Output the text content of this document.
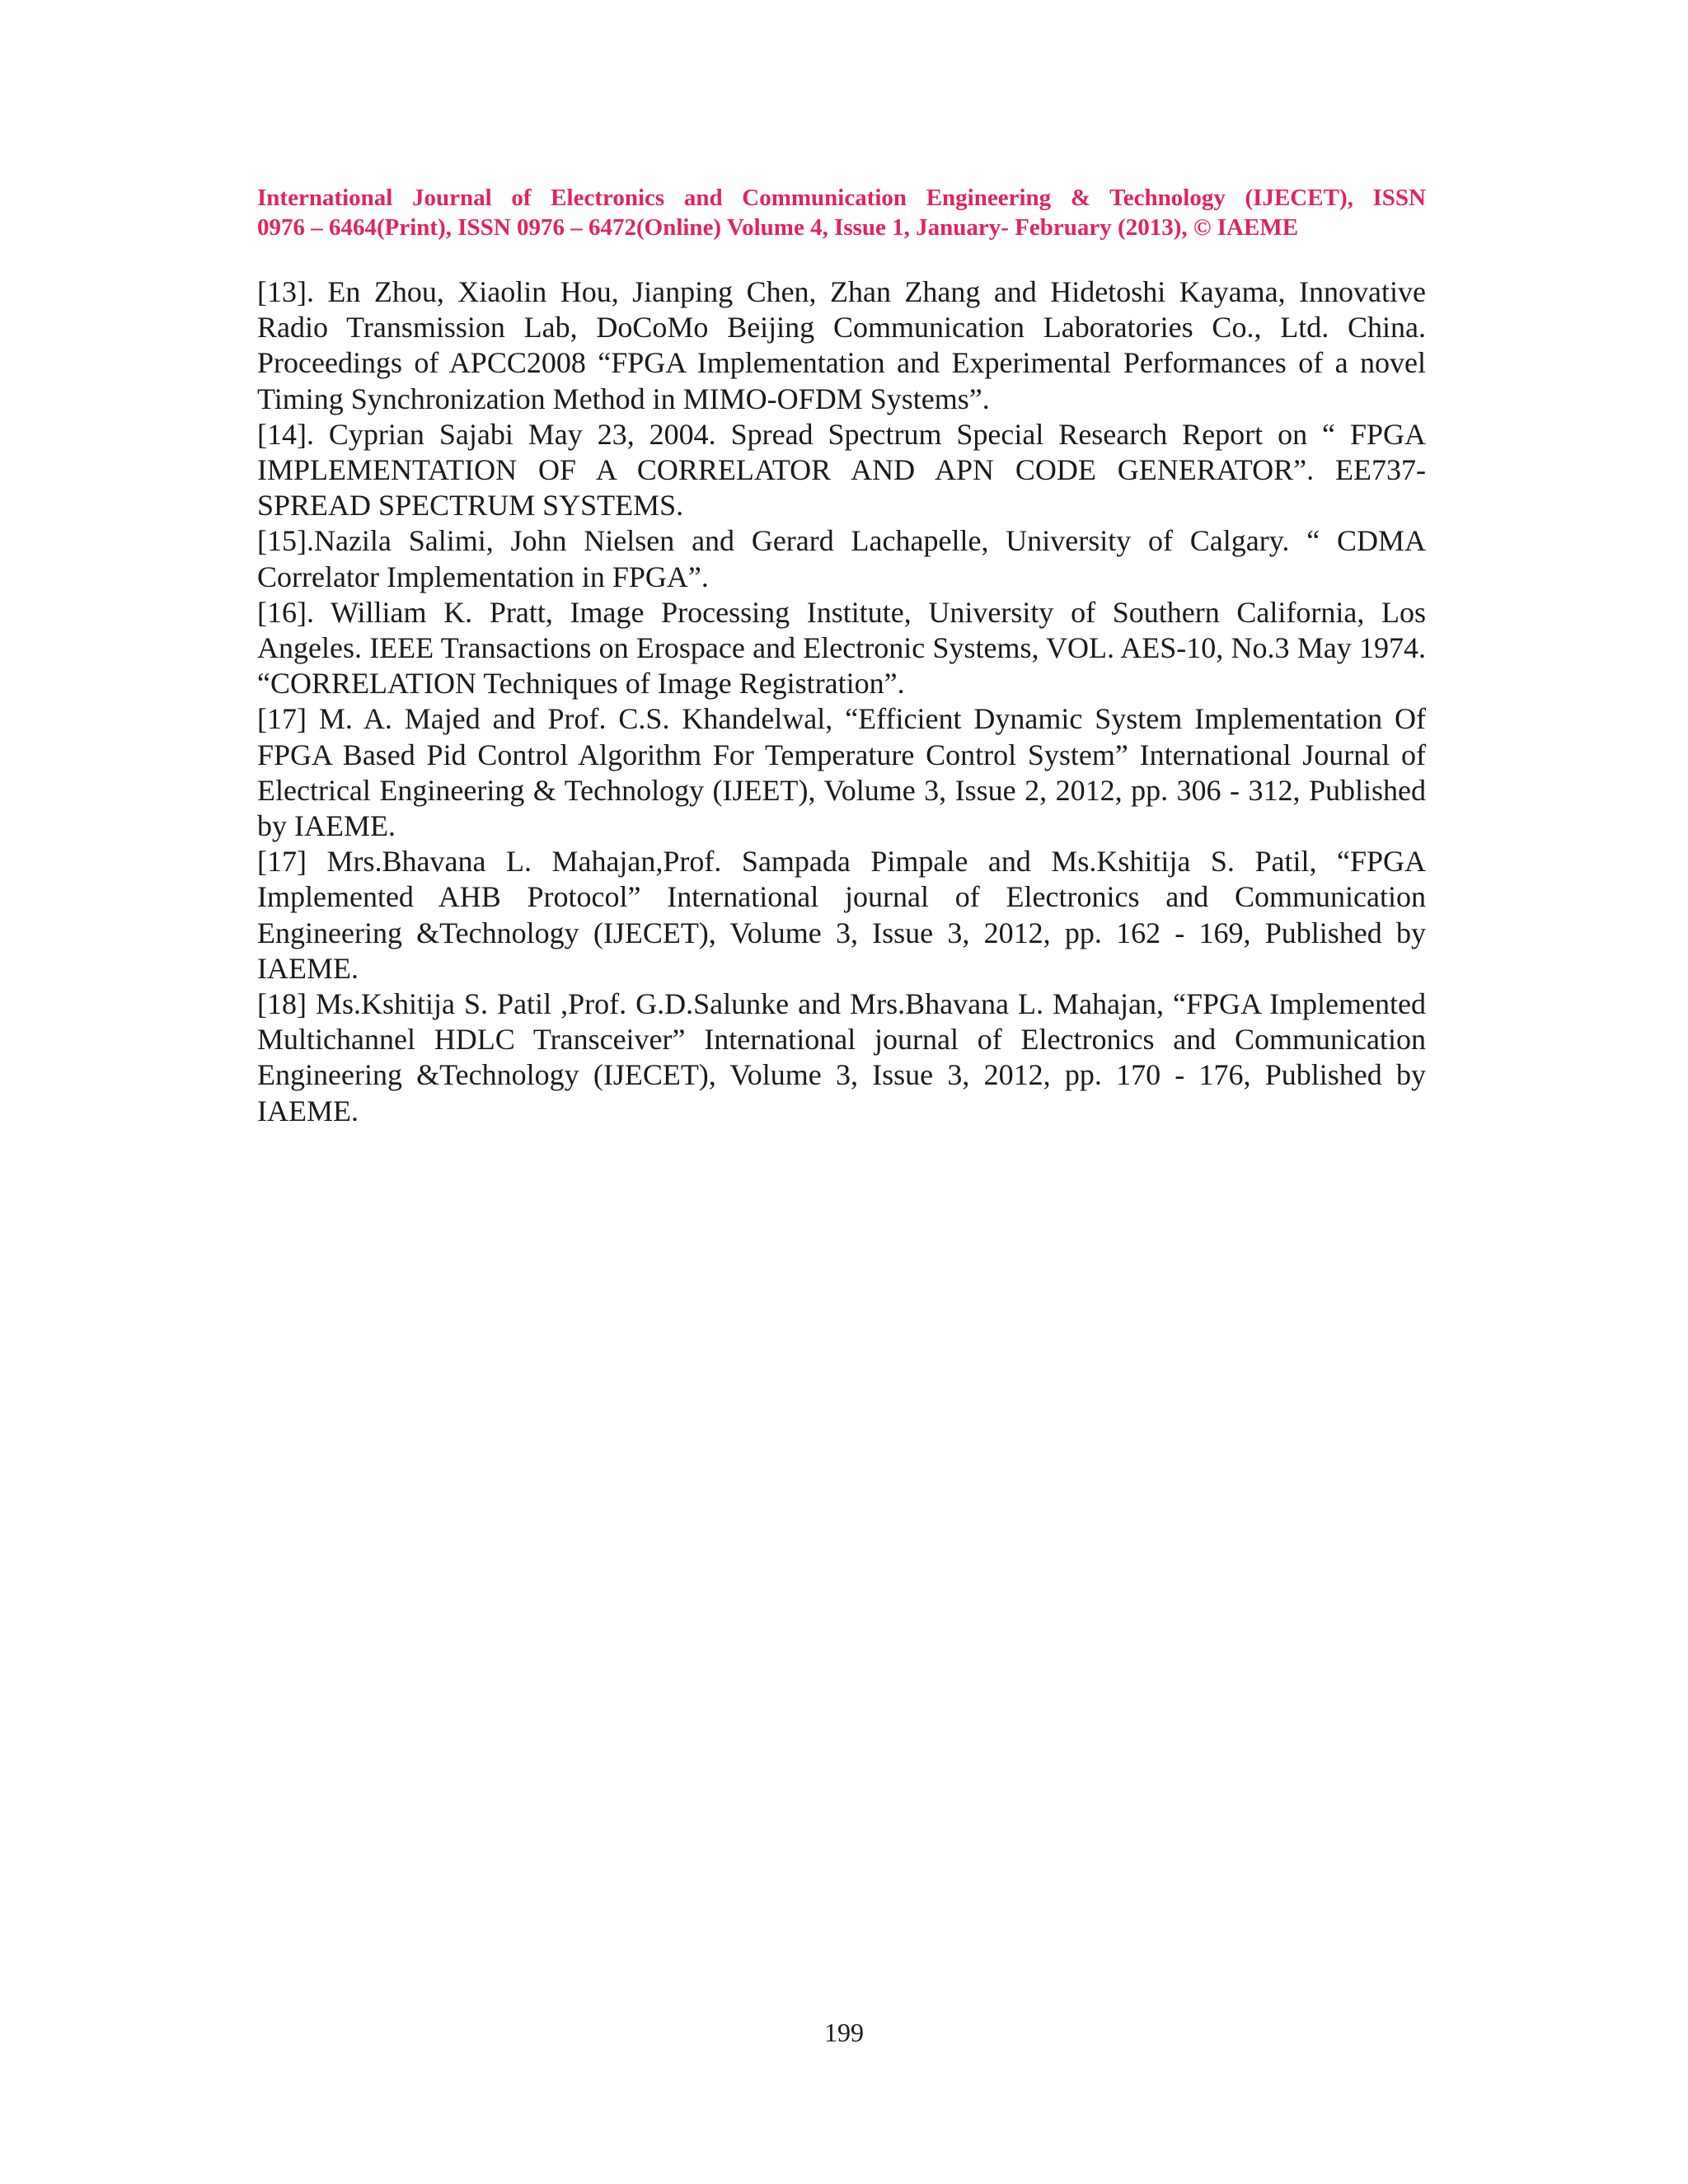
International Journal of Electronics and Communication Engineering & Technology (IJECET), ISSN
0976 – 6464(Print), ISSN 0976 – 6472(Online) Volume 4, Issue 1, January- February (2013), © IAEME

[13]. En Zhou, Xiaolin Hou, Jianping Chen, Zhan Zhang and Hidetoshi Kayama, Innovative Radio Transmission Lab, DoCoMo Beijing Communication Laboratories Co., Ltd. China. Proceedings of APCC2008 “FPGA Implementation and Experimental Performances of a novel Timing Synchronization Method in MIMO-OFDM Systems”.

[14]. Cyprian Sajabi May 23, 2004. Spread Spectrum Special Research Report on “ FPGA IMPLEMENTATION OF A CORRELATOR AND APN CODE GENERATOR”. EE737- SPREAD SPECTRUM SYSTEMS.

[15].Nazila Salimi, John Nielsen and Gerard Lachapelle, University of Calgary. “ CDMA Correlator Implementation in FPGA”.

[16]. William K. Pratt, Image Processing Institute, University of Southern California, Los Angeles. IEEE Transactions on Erospace and Electronic Systems, VOL. AES-10, No.3 May 1974. “CORRELATION Techniques of Image Registration”.

[17] M. A. Majed and Prof. C.S. Khandelwal, “Efficient Dynamic System Implementation Of FPGA Based Pid Control Algorithm For Temperature Control System” International Journal of Electrical Engineering & Technology (IJEET), Volume 3, Issue 2, 2012, pp. 306 - 312, Published by IAEME.

[17] Mrs.Bhavana L. Mahajan,Prof. Sampada Pimpale and Ms.Kshitija S. Patil, “FPGA Implemented AHB Protocol” International journal of Electronics and Communication Engineering &Technology (IJECET), Volume 3, Issue 3, 2012, pp. 162 - 169, Published by IAEME.

[18] Ms.Kshitija S. Patil ,Prof. G.D.Salunke and Mrs.Bhavana L. Mahajan, “FPGA Implemented Multichannel HDLC Transceiver” International journal of Electronics and Communication Engineering &Technology (IJECET), Volume 3, Issue 3, 2012, pp. 170 - 176, Published by IAEME.

199
